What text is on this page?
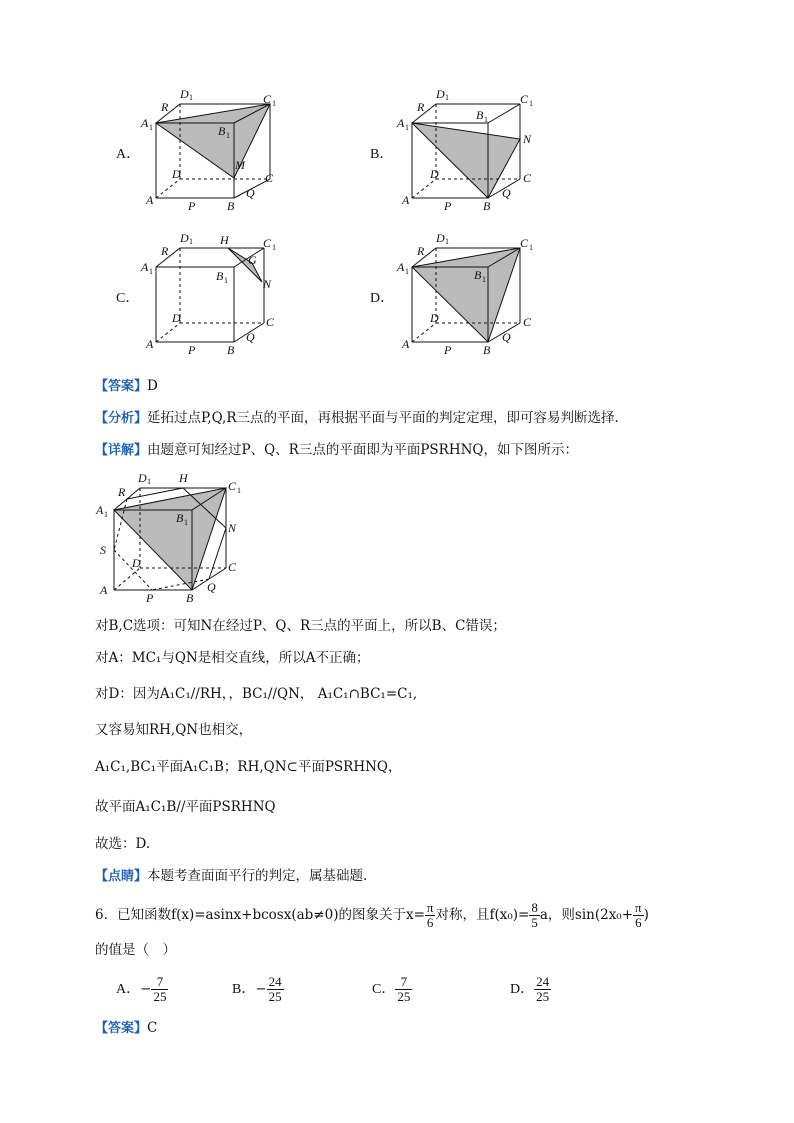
A．	B．
C．	D．
A 1
R
D 1	C 1
B 1
M
D	C
Q
A	P	B
A 1
R
D 1	C 1
B 1
N
D	C
Q
A	P	B
A 1
R
D 1 H	C 1
G
B 1	N
D	C
Q
A	P	B
A 1
R
D 1	C 1
B 1
D	C
Q
A	P	B
【答案】D
【分析】延拓过点P,Q,R三点的平面，再根据平面与平面的判定定理，即可容易判断选择.
【详解】由题意可知经过P、Q、R三点的平面即为平面PSRHNQ，如下图所示：
A 1
R
D 1 H
C 1
B 1	N
S
D	C
Q
A
P	B
对B,C选项：可知N在经过P、Q、R三点的平面上，所以B、C错误；
对A：MC₁与QN是相交直线，所以A不正确；
对D：因为A₁C₁//RH，，BC₁//QN， A₁C₁∩BC₁=C₁,
又容易知RH,QN也相交，
A₁C₁,BC₁平面A₁C₁B；RH,QN⊂平面PSRHNQ，
故平面A₁C₁B//平面PSRHNQ
故选：D.
【点睛】本题考查面面平行的判定，属基础题.
6．已知函数f(x)=asinx+bcosx(ab≠0)的图象关于$x= \frac{\pi}{6}$ 对称，且$f(x_0)= \frac{8}{5}$ a，则$\sin(2x_0+ \frac{\pi}{6}$ )
的值是（　）
A．− $\frac{7}{25}$	B．− $\frac{24}{25}$	C． $\frac{7}{25}$	D． $\frac{24}{25}$
【答案】C
